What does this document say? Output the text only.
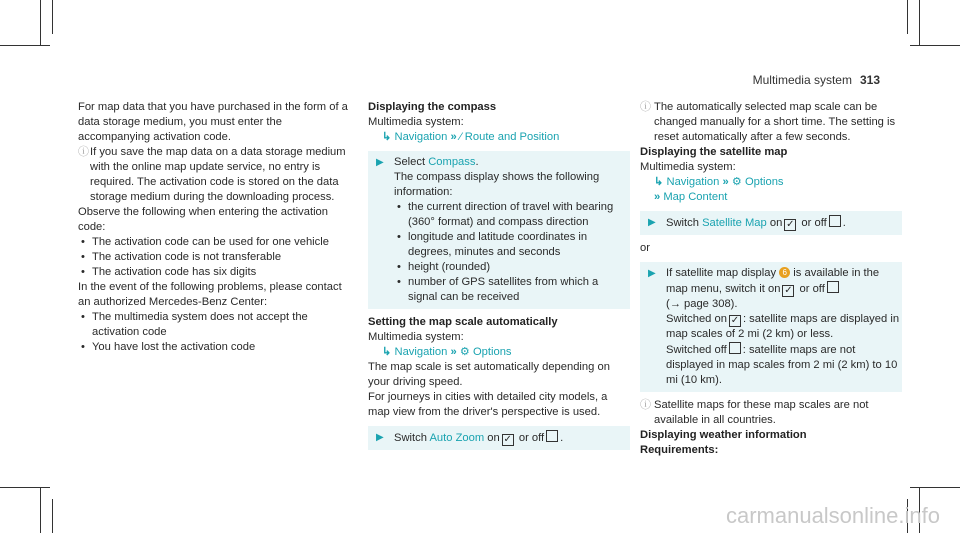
Multimedia system 313

For map data that you have purchased in the form of a data storage medium, you must enter the accompanying activation code.

ⓘ If you save the map data on a data storage medium with the online map update service, no entry is required. The activation code is stored on the data storage medium during the downloading process.

Observe the following when entering the activation code:

• The activation code can be used for one vehicle
• The activation code is not transferable
• The activation code has six digits

In the event of the following problems, please contact an authorized Mercedes-Benz Center:

• The multimedia system does not accept the activation code
• You have lost the activation code

Displaying the compass

Multimedia system:

↳ Navigation » ⁄ Route and Position

▶ Select Compass.

The compass display shows the following information:

• the current direction of travel with bearing (360° format) and compass direction
• longitude and latitude coordinates in degrees, minutes and seconds
• height (rounded)
• number of GPS satellites from which a signal can be received

Setting the map scale automatically

Multimedia system:

↳ Navigation » ⚙ Options

The map scale is set automatically depending on your driving speed.

For journeys in cities with detailed city models, a map view from the driver's perspective is used.

▶ Switch Auto Zoom on✓ or off .

ⓘ The automatically selected map scale can be changed manually for a short time. The setting is reset automatically after a few seconds.

Displaying the satellite map

Multimedia system:

↳ Navigation » ⚙ Options

» Map Content

▶ Switch Satellite Map on✓ or off .

or

▶ If satellite map display 6 is available in the map menu, switch it on✓ or off

(→ page 308).

Switched on✓ : satellite maps are displayed in map scales of 2 mi (2 km) or less.

Switched off : satellite maps are not displayed in map scales from 2 mi (2 km) to 10 mi (10 km).

ⓘ Satellite maps for these map scales are not available in all countries.

Displaying weather information

Requirements:

carmanualsonline.info
